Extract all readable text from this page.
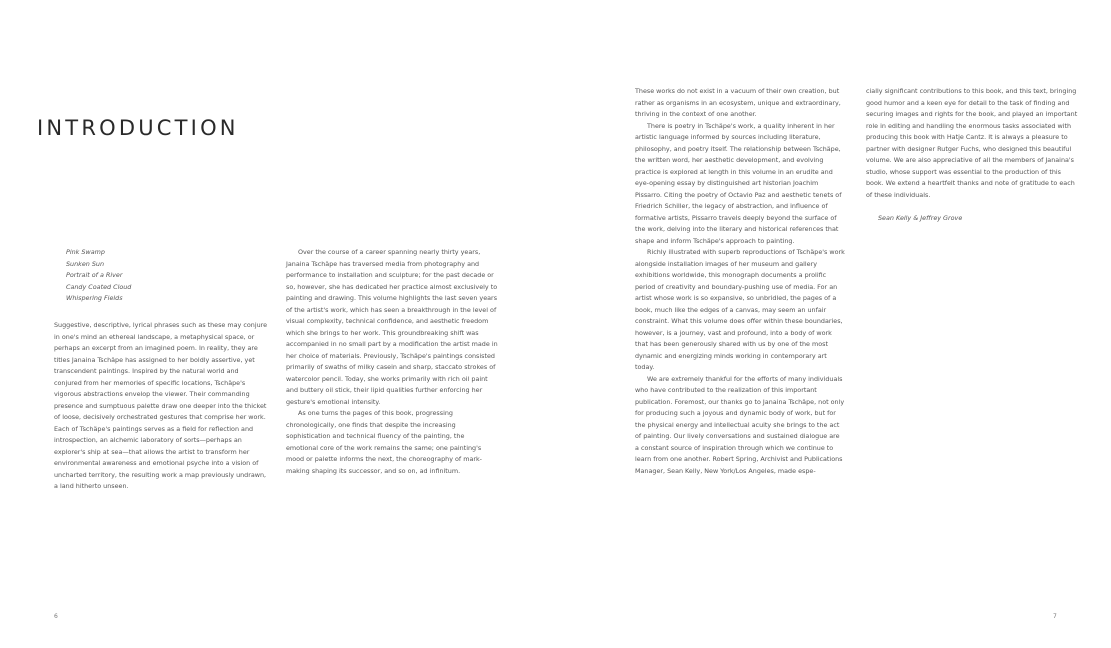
INTRODUCTION
Pink Swamp
Sunken Sun
Portrait of a River
Candy Coated Cloud
Whispering Fields

Suggestive, descriptive, lyrical phrases such as these may conjure in one's mind an ethereal landscape, a metaphysical space, or perhaps an excerpt from an imagined poem. In reality, they are titles Janaina Tschäpe has assigned to her boldly assertive, yet transcendent paintings. Inspired by the natural world and conjured from her memories of specific locations, Tschäpe's vigorous abstractions envelop the viewer. Their commanding presence and sumptuous palette draw one deeper into the thicket of loose, decisively orchestrated gestures that comprise her work. Each of Tschäpe's paintings serves as a field for reflection and introspection, an alchemic laboratory of sorts—perhaps an explorer's ship at sea—that allows the artist to transform her environmental awareness and emotional psyche into a vision of uncharted territory, the resulting work a map previously undrawn, a land hitherto unseen.

Over the course of a career spanning nearly thirty years, Janaina Tschäpe has traversed media from photography and performance to installation and sculpture; for the past decade or so, however, she has dedicated her practice almost exclusively to painting and drawing. This volume highlights the last seven years of the artist's work, which has seen a breakthrough in the level of visual complexity, technical confidence, and aesthetic freedom which she brings to her work. This groundbreaking shift was accompanied in no small part by a modification the artist made in her choice of materials. Previously, Tschäpe's paintings consisted primarily of swaths of milky casein and sharp, staccato strokes of watercolor pencil. Today, she works primarily with rich oil paint and buttery oil stick, their lipid qualities further enforcing her gesture's emotional intensity.

As one turns the pages of this book, progressing chronologically, one finds that despite the increasing sophistication and technical fluency of the painting, the emotional core of the work remains the same; one painting's mood or palette informs the next, the choreography of mark-making shaping its successor, and so on, ad infinitum.

These works do not exist in a vacuum of their own creation, but rather as organisms in an ecosystem, unique and extraordinary, thriving in the context of one another.

There is poetry in Tschäpe's work, a quality inherent in her artistic language informed by sources including literature, philosophy, and poetry itself. The relationship between Tschäpe, the written word, her aesthetic development, and evolving practice is explored at length in this volume in an erudite and eye-opening essay by distinguished art historian Joachim Pissarro. Citing the poetry of Octavio Paz and aesthetic tenets of Friedrich Schiller, the legacy of abstraction, and influence of formative artists, Pissarro travels deeply beyond the surface of the work, delving into the literary and historical references that shape and inform Tschäpe's approach to painting.

Richly illustrated with superb reproductions of Tschäpe's work alongside installation images of her museum and gallery exhibitions worldwide, this monograph documents a prolific period of creativity and boundary-pushing use of media. For an artist whose work is so expansive, so unbridled, the pages of a book, much like the edges of a canvas, may seem an unfair constraint. What this volume does offer within these boundaries, however, is a journey, vast and profound, into a body of work that has been generously shared with us by one of the most dynamic and energizing minds working in contemporary art today.

We are extremely thankful for the efforts of many individuals who have contributed to the realization of this important publication. Foremost, our thanks go to Janaina Tschäpe, not only for producing such a joyous and dynamic body of work, but for the physical energy and intellectual acuity she brings to the act of painting. Our lively conversations and sustained dialogue are a constant source of inspiration through which we continue to learn from one another. Robert Spring, Archivist and Publications Manager, Sean Kelly, New York/Los Angeles, made espe-

cially significant contributions to this book, and this text, bringing good humor and a keen eye for detail to the task of finding and securing images and rights for the book, and played an important role in editing and handling the enormous tasks associated with producing this book with Hatje Cantz. It is always a pleasure to partner with designer Rutger Fuchs, who designed this beautiful volume. We are also appreciative of all the members of Janaina's studio, whose support was essential to the production of this book. We extend a heartfelt thanks and note of gratitude to each of these individuals.

Sean Kelly & Jeffrey Grove

6	7
